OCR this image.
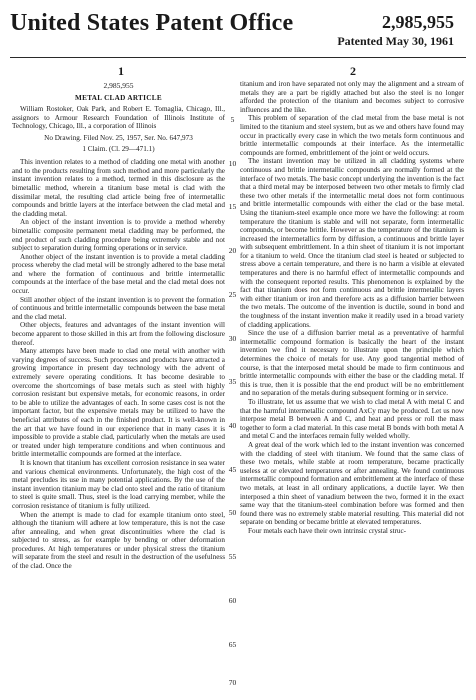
United States Patent Office	2,985,955
Patented May 30, 1961
1	2

2,985,955

METAL CLAD ARTICLE

William Rostoker, Oak Park, and Robert E. Tomaglia, Chicago, Ill., assignors to Armour Research Foundation of Illinois Institute of Technology, Chicago, Ill., a corporation of Illinois

No Drawing. Filed Nov. 25, 1957, Ser. No. 647,973

1 Claim. (Cl. 29—471.1)

This invention relates to a method of cladding one metal with another and to the products resulting from such method and more particularly the instant invention relates to a method, termed in this disclosure as the bimetallic method, wherein a titanium base metal is clad with the dissimilar metal, the resulting clad article being free of intermetallic compounds and brittle layers at the interface between the clad metal and the cladding metal.

An object of the instant invention is to provide a method whereby bimetallic composite permanent metal cladding may be performed, the end product of such cladding procedure being extremely stable and not subject to separation during forming operations or in service.

Another object of the instant invention is to provide a metal cladding process whereby the clad metal will be strongly adhered to the base metal and where the formation of continuous and brittle intermetallic compounds at the interface of the base metal and the clad metal does not occur.

Still another object of the instant invention is to prevent the formation of continuous and brittle intermetallic compounds between the base metal and the clad metal.

Other objects, features and advantages of the instant invention will become apparent to those skilled in this art from the following disclosure thereof.

Many attempts have been made to clad one metal with another with varying degrees of success. Such processes and products have attracted a growing importance in present day technology with the advent of extremely severe operating conditions. It has become desirable to overcome the shortcomings of base metals such as steel with highly corrosion resistant but expensive metals, for economic reasons, in order to be able to utilize the advantages of each. In some cases cost is not the important factor, but the expensive metals may be utilized to have the beneficial attributes of each in the finished product. It is well-known in the art that we have found in our experience that in many cases it is impossible to provide a stable clad, particularly when the metals are used or treated under high temperature conditions and when continuous and brittle intermetallic compounds are formed at the interface.

It is known that titanium has excellent corrosion resistance in sea water and various chemical environments. Unfortunately, the high cost of the metal precludes its use in many potential applications. By the use of the instant invention titanium may be clad onto steel and the ratio of titanium to steel is quite small. Thus, steel is the load carrying member, while the corrosion resistance of titanium is fully utilized.

When the attempt is made to clad for example titanium onto steel, although the titanium will adhere at low temperature, this is not the case after annealing, and when great discontinuities where the clad is subjected to stress, as for example by bending or other deformation procedures. At high temperatures or under physical stress the titanium will separate from the steel and result in the destruction of the usefulness of the clad. Once the

5
10
15
20
25
30
35
40
45
50
55
60
65
70

titanium and iron have separated not only may the alignment and a stream of metals they are a part be rigidly attached but also the steel is no longer afforded the protection of the titanium and becomes subject to corrosive influences and the like.

This problem of separation of the clad metal from the base metal is not limited to the titanium and steel system, but as we and others have found may occur in practically every case in which the two metals form continuous and brittle intermetallic compounds at their interface. As the intermetallic compounds are formed, embrittlement of the joint or weld occurs.

The instant invention may be utilized in all cladding systems where continuous and brittle intermetallic compounds are normally formed at the interface of two metals. The basic concept underlying the invention is the fact that a third metal may be interposed between two other metals to firmly clad these two other metals if the intermetallic metal does not form continuous and brittle intermetallic compounds with either the clad or the base metal. Using the titanium-steel example once more we have the following: at room temperature the titanium is stable and will not separate, form intermetallic compounds, or become brittle. However as the temperature of the titanium is increased the intermetallics form by diffusion, a continuous and brittle layer with subsequent embrittlement. In a thin sheet of titanium it is not important for a titanium to weld. Once the titanium clad steel is heated or subjected to stress above a certain temperature, and there is no harm a visible at elevated temperatures and there is no harmful effect of intermetallic compounds and with the consequent reported results. This phenomenon is explained by the fact that titanium does not form continuous and brittle intermetallic layers with either titanium or iron and therefore acts as a diffusion barrier between the two metals. The outcome of the invention is ductile, sound in bond and the toughness of the instant invention make it readily used in a broad variety of cladding applications.

Since the use of a diffusion barrier metal as a preventative of harmful intermetallic compound formation is basically the heart of the instant invention we find it necessary to illustrate upon the principle which determines the choice of metals for use. Any good tangential method of course, is that the interposed metal should be made to firm continuous and brittle intermetallic compounds with either the base or the cladding metal. If this is true, then it is possible that the end product will be no embrittlement and no separation of the metals during subsequent forming or in service.

To illustrate, let us assume that we wish to clad metal A with metal C and that the harmful intermetallic compound AxCy may be produced. Let us now interpose metal B between A and C, and heat and press or roll the mass together to form a clad material. In this case metal B bonds with both metal A and metal C and the interfaces remain fully welded wholly.

A great deal of the work which led to the instant invention was concerned with the cladding of steel with titanium. We found that the same class of these two metals, while stable at room temperature, became practically useless at or elevated temperatures or after annealing. We found continuous intermetallic compound formation and embrittlement at the interface of these two metals, at least in all ordinary applications, a ductile layer. We then interposed a thin sheet of vanadium between the two, formed it in the exact same way that the titanium-steel combination before was formed and then found there was no extremely stable material resulting. This material did not separate on bending or became brittle at elevated temperatures.

Four metals each have their own intrinsic crystal struc-
